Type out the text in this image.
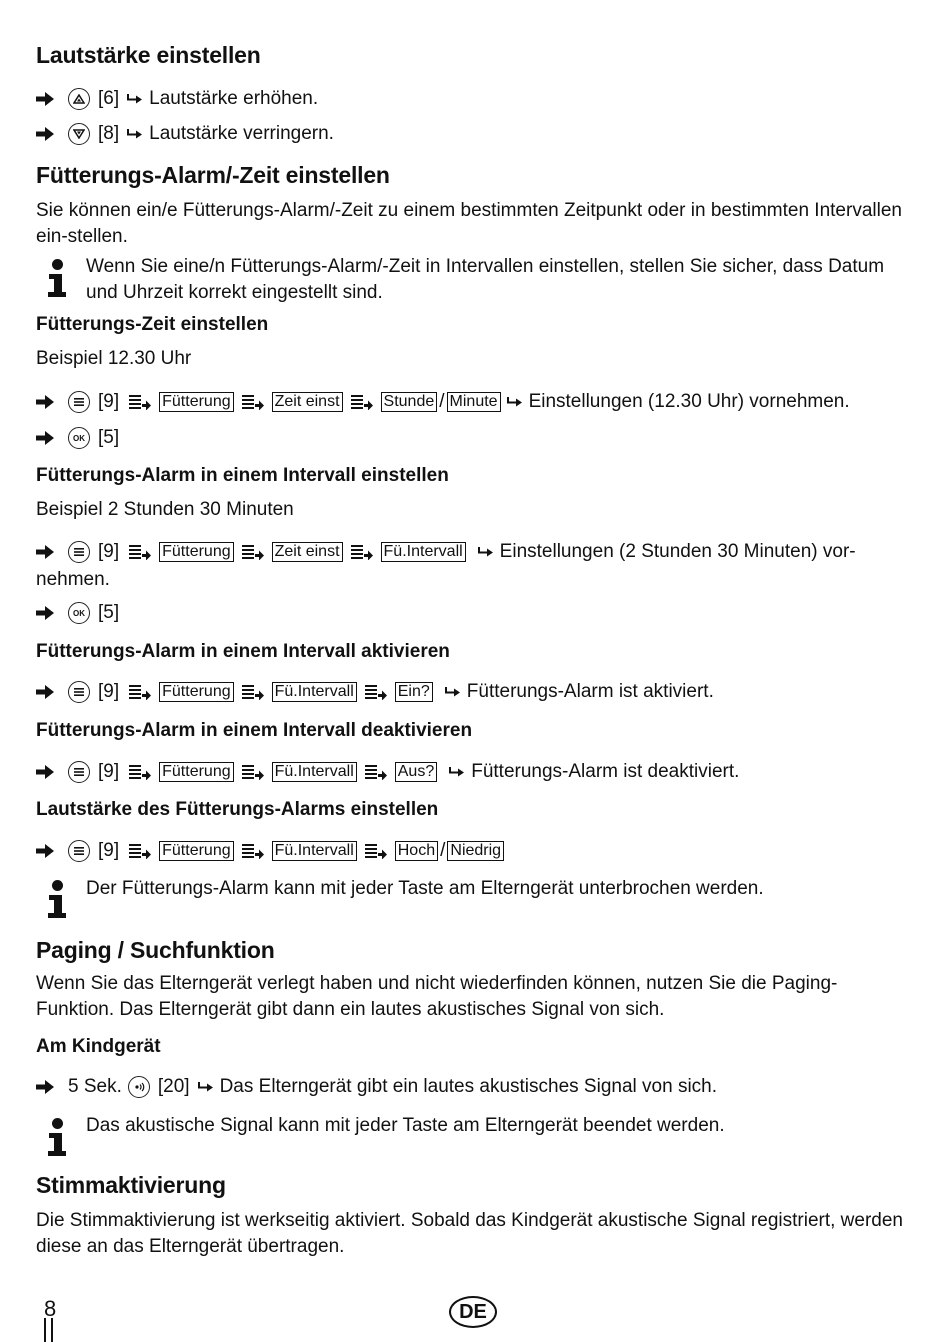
Lautstärke einstellen
[6] Lautstärke erhöhen.
[8] Lautstärke verringern.
Fütterungs-Alarm/-Zeit einstellen
Sie können ein/e Fütterungs-Alarm/-Zeit zu einem bestimmten Zeitpunkt oder in bestimmten Intervallen ein-stellen.
Wenn Sie eine/n Fütterungs-Alarm/-Zeit in Intervallen einstellen, stellen Sie sicher, dass Datum und Uhrzeit korrekt eingestellt sind.
Fütterungs-Zeit einstellen
Beispiel 12.30 Uhr
[9]	Fütterung	Zeit einst	Stunde / Minute Einstellungen (12.30 Uhr) vornehmen.
OK [5]
Fütterungs-Alarm in einem Intervall einstellen
Beispiel 2 Stunden 30 Minuten
[9]	Fütterung	Zeit einst	Fü.Intervall Einstellungen (2 Stunden 30 Minuten) vor-
nehmen.
OK [5]
Fütterungs-Alarm in einem Intervall aktivieren
[9]	Fütterung	Fü.Intervall	Ein? Fütterungs-Alarm ist aktiviert.
Fütterungs-Alarm in einem Intervall deaktivieren
[9]	Fütterung	Fü.Intervall	Aus? Fütterungs-Alarm ist deaktiviert.
Lautstärke des Fütterungs-Alarms einstellen
[9]	Fütterung	Fü.Intervall	Hoch / Niedrig
Der Fütterungs-Alarm kann mit jeder Taste am Elterngerät unterbrochen werden.
Paging / Suchfunktion
Wenn Sie das Elterngerät verlegt haben und nicht wiederfinden können, nutzen Sie die Paging-Funktion. Das Elterngerät gibt dann ein lautes akustisches Signal von sich.
Am Kindgerät
5 Sek. [20] Das Elterngerät gibt ein lautes akustisches Signal von sich.
Das akustische Signal kann mit jeder Taste am Elterngerät beendet werden.
Stimmaktivierung
Die Stimmaktivierung ist werkseitig aktiviert. Sobald das Kindgerät akustische Signal registriert, werden diese an das Elterngerät übertragen.
8	DE
